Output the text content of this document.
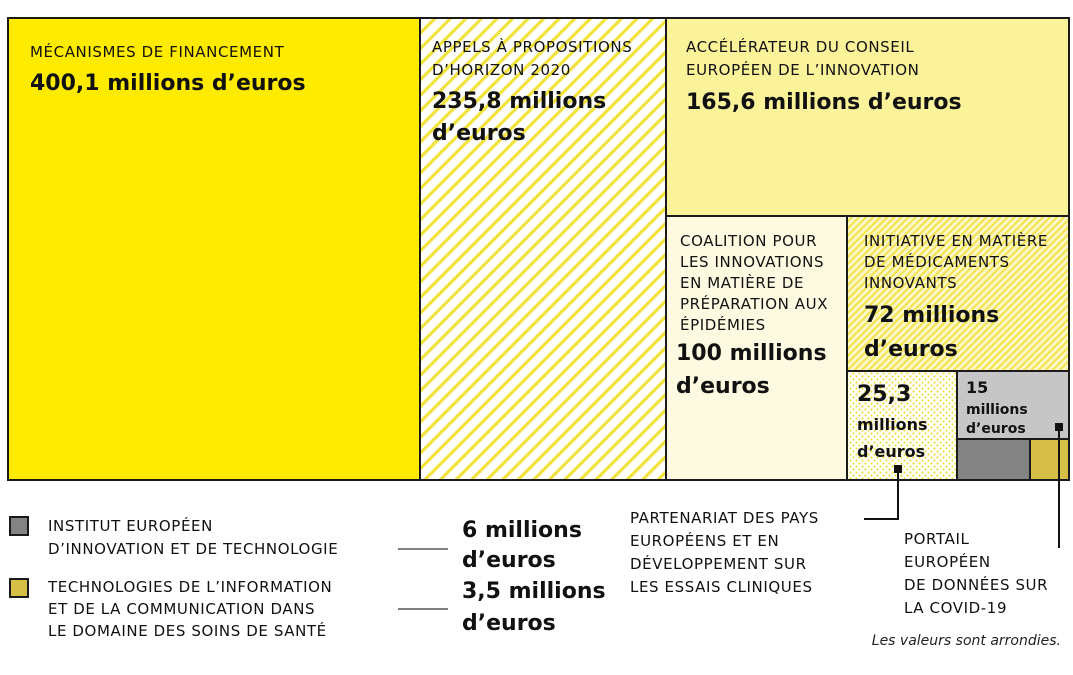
MÉCANISMES DE FINANCEMENT
400,1 millions d’euros
APPELS À PROPOSITIONS
D’HORIZON 2020
235,8 millions
d’euros
ACCÉLÉRATEUR DU CONSEIL
EUROPÉEN DE L’INNOVATION
165,6 millions d’euros
COALITION POUR
LES INNOVATIONS
EN MATIÈRE DE
PRÉPARATION AUX
ÉPIDÉMIES
100 millions
d’euros
INITIATIVE EN MATIÈRE
DE MÉDICAMENTS
INNOVANTS
72 millions
d’euros
25,3
millions
d’euros
15
millions
d’euros
PARTENARIAT DES PAYS
EUROPÉENS ET EN
DÉVELOPPEMENT SUR
LES ESSAIS CLINIQUES
PORTAIL
EUROPÉEN
DE DONNÉES SUR
LA COVID-19
INSTITUT EUROPÉEN
D’INNOVATION ET DE TECHNOLOGIE
6 millions
d’euros
TECHNOLOGIES DE L’INFORMATION
ET DE LA COMMUNICATION DANS
LE DOMAINE DES SOINS DE SANTÉ
3,5 millions
d’euros
Les valeurs sont arrondies.
